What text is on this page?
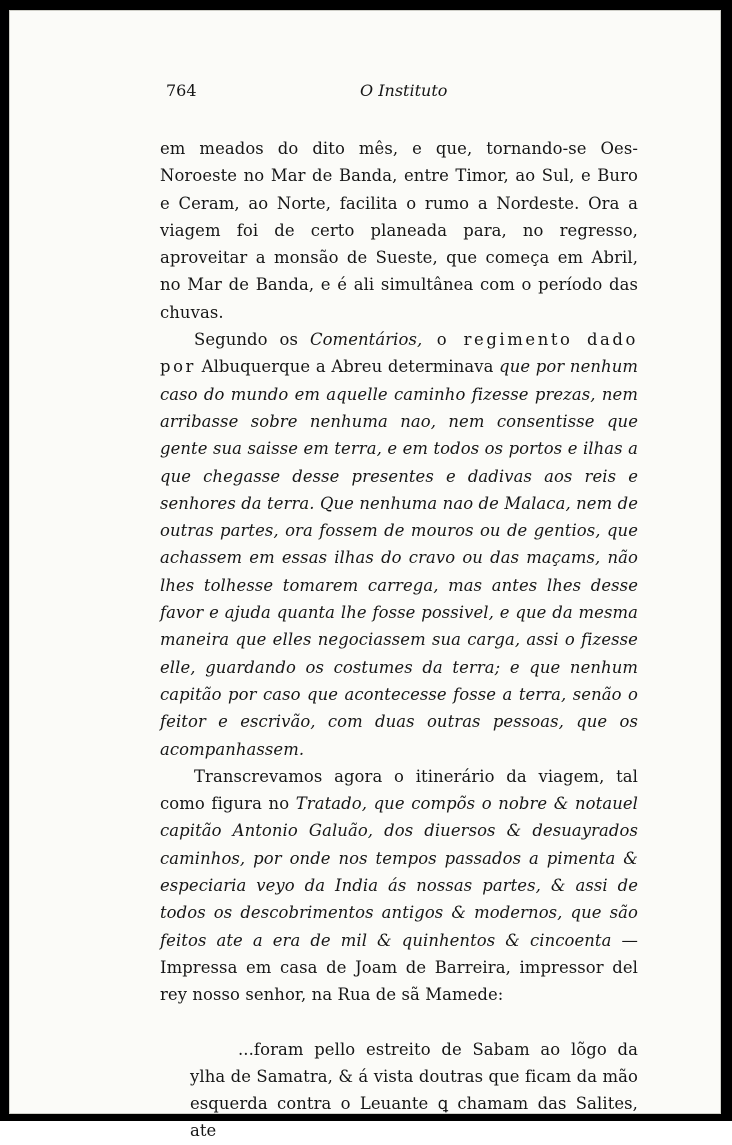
764	O Instituto

em meados do dito mês, e que, tornando-se Oes-Noroeste no Mar de Banda, entre Timor, ao Sul, e Buro e Ceram, ao Norte, facilita o rumo a Nordeste. Ora a viagem foi de certo planeada para, no regresso, aproveitar a monsão de Sueste, que começa em Abril, no Mar de Banda, e é ali simultânea com o período das chuvas.

Segundo os Comentários, o regimento dado por Albuquerque a Abreu determinava que por nenhum caso do mundo em aquelle caminho fizesse prezas, nem arribasse sobre nenhuma nao, nem consentisse que gente sua saisse em terra, e em todos os portos e ilhas a que chegasse desse presentes e dadivas aos reis e senhores da terra. Que nenhuma nao de Malaca, nem de outras partes, ora fossem de mouros ou de gentios, que achassem em essas ilhas do cravo ou das maçams, não lhes tolhesse tomarem carrega, mas antes lhes desse favor e ajuda quanta lhe fosse possivel, e que da mesma maneira que elles negociassem sua carga, assi o fizesse elle, guardando os costumes da terra; e que nenhum capitão por caso que acontecesse fosse a terra, senão o feitor e escrivão, com duas outras pessoas, que os acompanhassem.

Transcrevamos agora o itinerário da viagem, tal como figura no Tratado, que compõs o nobre & notauel capitão Antonio Galuão, dos diuersos & desuayrados caminhos, por onde nos tempos passados a pimenta & especiaria veyo da India ás nossas partes, & assi de todos os descobrimentos antigos & modernos, que são feitos ate a era de mil & quinhentos & cincoenta — Impressa em casa de Joam de Barreira, impressor del rey nosso senhor, na Rua de sã Mamede:

...foram pello estreito de Sabam ao lõgo da ylha de Samatra, & á vista doutras que ficam da mão esquerda contra o Leuante ꝗ chamam das Salites, ate
